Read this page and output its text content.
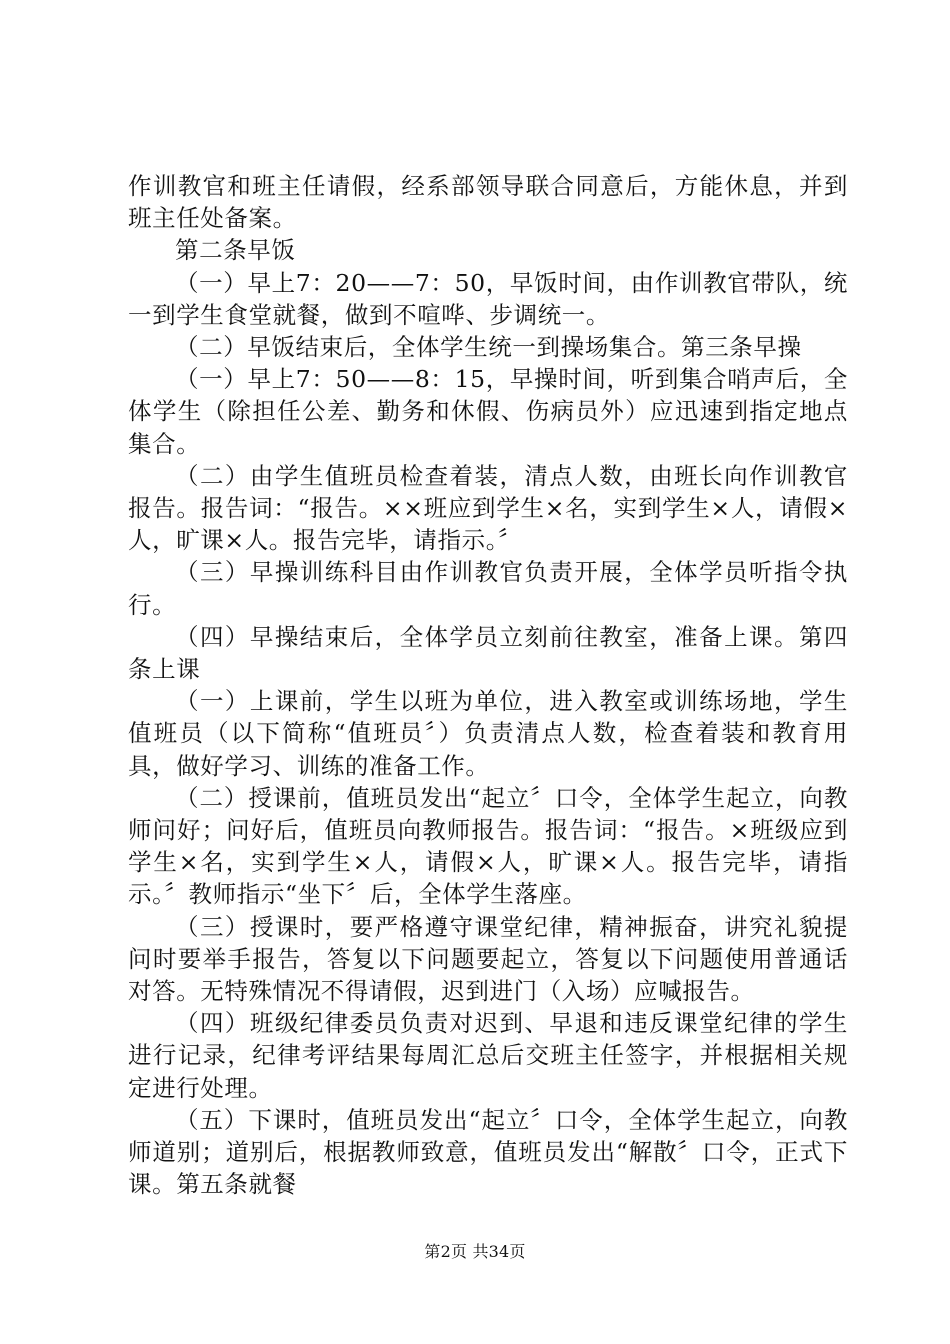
作训教官和班主任请假，经系部领导联合同意后，方能休息，并到班主任处备案。

第二条早饭

（一）早上7：20——7：50，早饭时间，由作训教官带队，统一到学生食堂就餐，做到不喧哗、步调统一。

（二）早饭结束后，全体学生统一到操场集合。第三条早操

（一）早上7：50——8：15，早操时间，听到集合哨声后，全体学生（除担任公差、勤务和休假、伤病员外）应迅速到指定地点集合。

（二）由学生值班员检查着装，清点人数，由班长向作训教官报告。报告词：“报告。××班应到学生×名，实到学生×人，请假×人，旷课×人。报告完毕，请指示。〞

（三）早操训练科目由作训教官负责开展，全体学员听指令执行。

（四）早操结束后，全体学员立刻前往教室，准备上课。第四条上课

（一）上课前，学生以班为单位，进入教室或训练场地，学生值班员（以下简称“值班员〞）负责清点人数，检查着装和教育用具，做好学习、训练的准备工作。

（二）授课前，值班员发出“起立〞口令，全体学生起立，向教师问好；问好后，值班员向教师报告。报告词：“报告。×班级应到学生×名，实到学生×人，请假×人，旷课×人。报告完毕，请指示。〞教师指示“坐下〞后，全体学生落座。

（三）授课时，要严格遵守课堂纪律，精神振奋，讲究礼貌提问时要举手报告，答复以下问题要起立，答复以下问题使用普通话对答。无特殊情况不得请假，迟到进门（入场）应喊报告。

（四）班级纪律委员负责对迟到、早退和违反课堂纪律的学生进行记录，纪律考评结果每周汇总后交班主任签字，并根据相关规定进行处理。

（五）下课时，值班员发出“起立〞口令，全体学生起立，向教师道别；道别后，根据教师致意，值班员发出“解散〞口令，正式下课。第五条就餐

第2页 共34页
